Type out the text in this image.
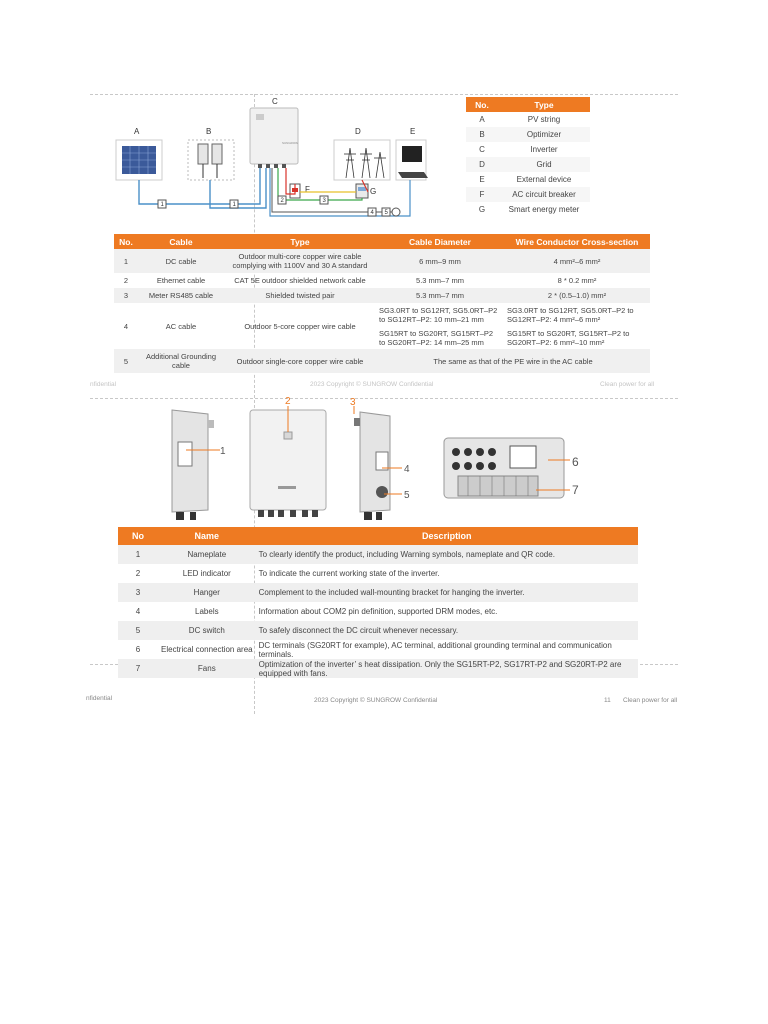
A	B
C
D	E
F	G
SUNGROW
1	1
2	3
4 5
No.	Type
A	PV string
B	Optimizer
C	Inverter
D	Grid
E	External device
F	AC circuit breaker
G	Smart energy meter
No.	Cable	Type	Cable Diameter	Wire Conductor Cross-section
1	DC cable	Outdoor multi-core copper wire cable complying with 1100V and 30 A standard	6 mm–9 mm	4 mm²–6 mm²
2	Ethernet cable	CAT 5E outdoor shielded network cable	5.3 mm–7 mm	8 * 0.2 mm²
3	Meter RS485 cable	Shielded twisted pair	5.3 mm–7 mm	2 * (0.5–1.0) mm²
4	AC cable	Outdoor 5-core copper wire cable	SG3.0RT to SG12RT, SG5.0RT–P2 to SG12RT–P2: 10 mm–21 mm	SG3.0RT to SG12RT, SG5.0RT–P2 to SG12RT–P2: 4 mm²–6 mm²
			SG15RT to SG20RT, SG15RT–P2 to SG20RT–P2: 14 mm–25 mm	SG15RT to SG20RT, SG15RT–P2 to SG20RT–P2: 6 mm²–10 mm²
5	Additional Grounding cable	Outdoor single-core copper wire cable	The same as that of the PE wire in the AC cable	
nfidential	2023 Copyright © SUNGROW Confidential	Clean power for all
1
2	3
4
5
6
7
No	Name	Description
1	Nameplate	To clearly identify the product, including Warning symbols, nameplate and QR code.
2	LED indicator	To indicate the current working state of the inverter.
3	Hanger	Complement to the included wall-mounting bracket for hanging the inverter.
4	Labels	Information about COM2 pin definition, supported DRM modes, etc.
5	DC switch	To safely disconnect the DC circuit whenever necessary.
6	Electrical connection area	DC terminals (SG20RT for example), AC terminal, additional grounding terminal and communication terminals.
7	Fans	Optimization of the inverter’ s heat dissipation. Only the SG15RT-P2, SG17RT-P2 and SG20RT-P2 are equipped with fans.
nfidential	2023 Copyright © SUNGROW Confidential	11 Clean power for all
